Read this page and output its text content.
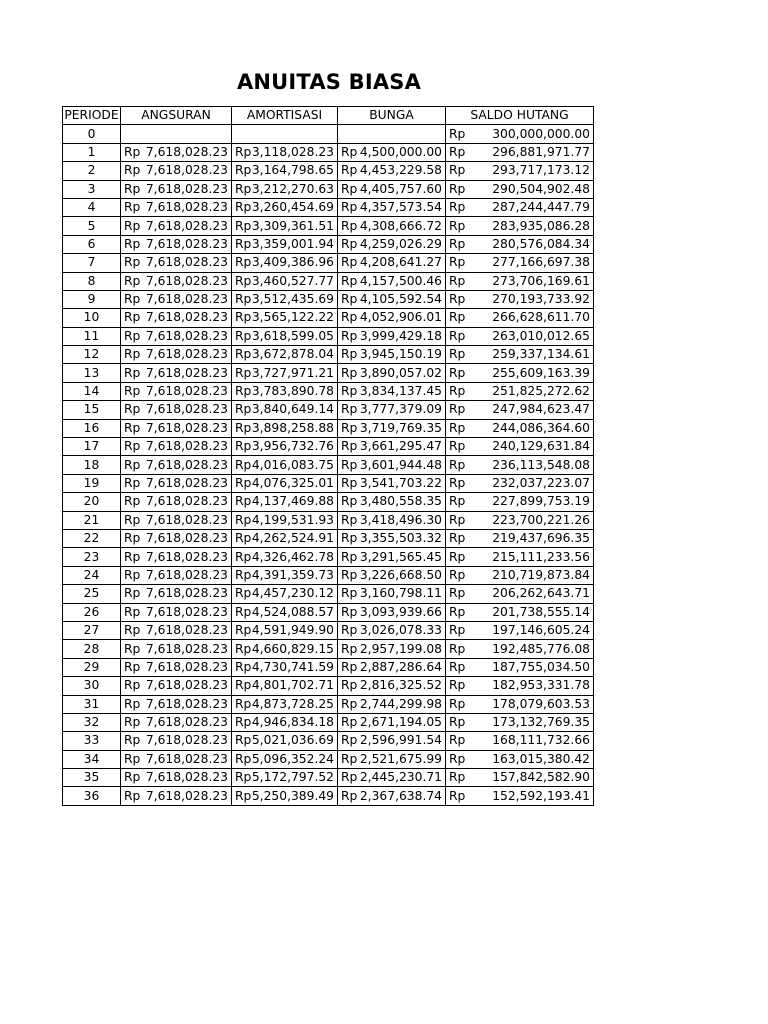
ANUITAS BIASA
PERIODE	ANGSURAN	AMORTISASI	BUNGA	SALDO HUTANG
0				Rp 300,000,000.00

1	Rp 7,618,028.23	Rp 3,118,028.23	Rp 4,500,000.00	Rp 296,881,971.77

2	Rp 7,618,028.23	Rp 3,164,798.65	Rp 4,453,229.58	Rp 293,717,173.12

3	Rp 7,618,028.23	Rp 3,212,270.63	Rp 4,405,757.60	Rp 290,504,902.48

4	Rp 7,618,028.23	Rp 3,260,454.69	Rp 4,357,573.54	Rp 287,244,447.79

5	Rp 7,618,028.23	Rp 3,309,361.51	Rp 4,308,666.72	Rp 283,935,086.28

6	Rp 7,618,028.23	Rp 3,359,001.94	Rp 4,259,026.29	Rp 280,576,084.34

7	Rp 7,618,028.23	Rp 3,409,386.96	Rp 4,208,641.27	Rp 277,166,697.38

8	Rp 7,618,028.23	Rp 3,460,527.77	Rp 4,157,500.46	Rp 273,706,169.61

9	Rp 7,618,028.23	Rp 3,512,435.69	Rp 4,105,592.54	Rp 270,193,733.92

10	Rp 7,618,028.23	Rp 3,565,122.22	Rp 4,052,906.01	Rp 266,628,611.70

11	Rp 7,618,028.23	Rp 3,618,599.05	Rp 3,999,429.18	Rp 263,010,012.65

12	Rp 7,618,028.23	Rp 3,672,878.04	Rp 3,945,150.19	Rp 259,337,134.61

13	Rp 7,618,028.23	Rp 3,727,971.21	Rp 3,890,057.02	Rp 255,609,163.39

14	Rp 7,618,028.23	Rp 3,783,890.78	Rp 3,834,137.45	Rp 251,825,272.62

15	Rp 7,618,028.23	Rp 3,840,649.14	Rp 3,777,379.09	Rp 247,984,623.47

16	Rp 7,618,028.23	Rp 3,898,258.88	Rp 3,719,769.35	Rp 244,086,364.60

17	Rp 7,618,028.23	Rp 3,956,732.76	Rp 3,661,295.47	Rp 240,129,631.84

18	Rp 7,618,028.23	Rp 4,016,083.75	Rp 3,601,944.48	Rp 236,113,548.08

19	Rp 7,618,028.23	Rp 4,076,325.01	Rp 3,541,703.22	Rp 232,037,223.07

20	Rp 7,618,028.23	Rp 4,137,469.88	Rp 3,480,558.35	Rp 227,899,753.19

21	Rp 7,618,028.23	Rp 4,199,531.93	Rp 3,418,496.30	Rp 223,700,221.26

22	Rp 7,618,028.23	Rp 4,262,524.91	Rp 3,355,503.32	Rp 219,437,696.35

23	Rp 7,618,028.23	Rp 4,326,462.78	Rp 3,291,565.45	Rp 215,111,233.56

24	Rp 7,618,028.23	Rp 4,391,359.73	Rp 3,226,668.50	Rp 210,719,873.84

25	Rp 7,618,028.23	Rp 4,457,230.12	Rp 3,160,798.11	Rp 206,262,643.71

26	Rp 7,618,028.23	Rp 4,524,088.57	Rp 3,093,939.66	Rp 201,738,555.14

27	Rp 7,618,028.23	Rp 4,591,949.90	Rp 3,026,078.33	Rp 197,146,605.24

28	Rp 7,618,028.23	Rp 4,660,829.15	Rp 2,957,199.08	Rp 192,485,776.08

29	Rp 7,618,028.23	Rp 4,730,741.59	Rp 2,887,286.64	Rp 187,755,034.50

30	Rp 7,618,028.23	Rp 4,801,702.71	Rp 2,816,325.52	Rp 182,953,331.78

31	Rp 7,618,028.23	Rp 4,873,728.25	Rp 2,744,299.98	Rp 178,079,603.53

32	Rp 7,618,028.23	Rp 4,946,834.18	Rp 2,671,194.05	Rp 173,132,769.35

33	Rp 7,618,028.23	Rp 5,021,036.69	Rp 2,596,991.54	Rp 168,111,732.66

34	Rp 7,618,028.23	Rp 5,096,352.24	Rp 2,521,675.99	Rp 163,015,380.42

35	Rp 7,618,028.23	Rp 5,172,797.52	Rp 2,445,230.71	Rp 157,842,582.90

36	Rp 7,618,028.23	Rp 5,250,389.49	Rp 2,367,638.74	Rp 152,592,193.41
